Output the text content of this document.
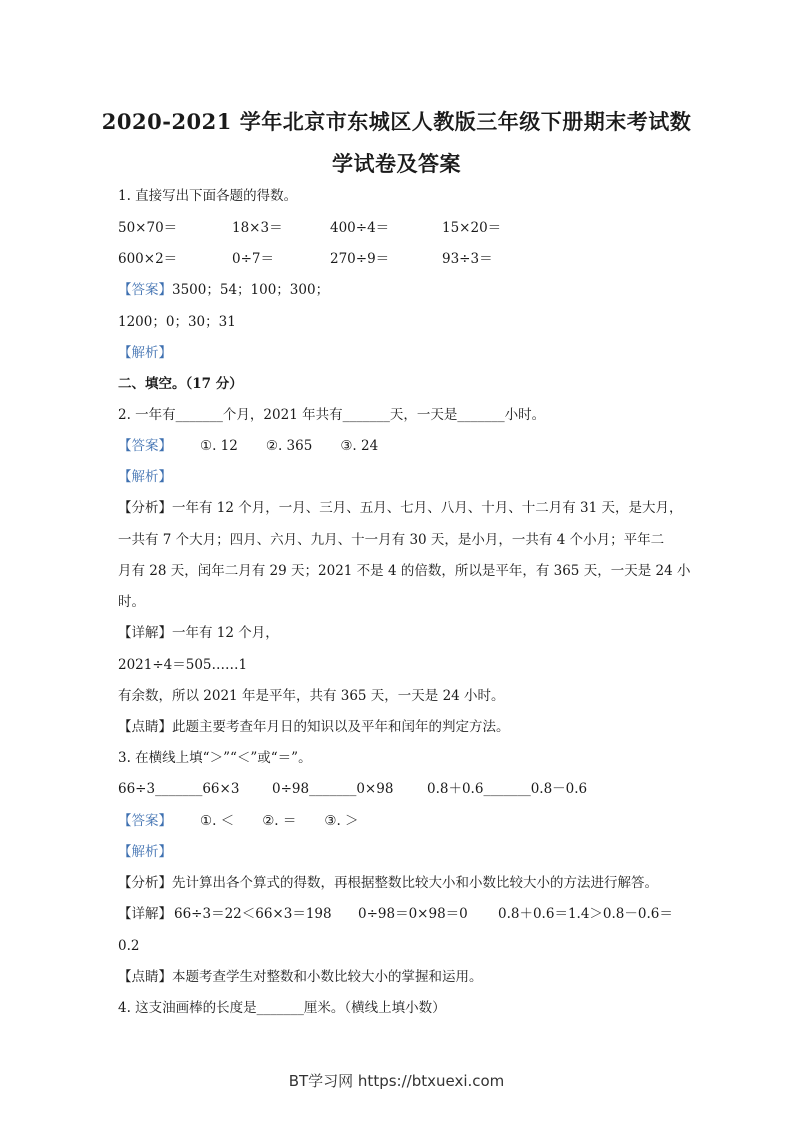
2020-2021 学年北京市东城区人教版三年级下册期末考试数
学试卷及答案
1. 直接写出下面各题的得数。
50×70＝	18×3＝	400÷4＝	15×20＝
600×2＝	0÷7＝	270÷9＝	93÷3＝
【答案】3500；54；100；300；
1200；0；30；31
【解析】
二、填空。（17 分）
2. 一年有_______个月，2021 年共有_______天，一天是_______小时。
【答案】 ①. 12 ②. 365 ③. 24
【解析】
【分析】一年有 12 个月，一月、三月、五月、七月、八月、十月、十二月有 31 天，是大月，
一共有 7 个大月；四月、六月、九月、十一月有 30 天，是小月，一共有 4 个小月；平年二
月有 28 天，闰年二月有 29 天；2021 不是 4 的倍数，所以是平年，有 365 天，一天是 24 小
时。
【详解】一年有 12 个月，
2021÷4＝505……1
有余数，所以 2021 年是平年，共有 365 天，一天是 24 小时。
【点睛】此题主要考查年月日的知识以及平年和闰年的判定方法。
3. 在横线上填“＞”“＜”或“＝”。
66÷3_______66×3 0÷98_______0×98 0.8＋0.6_______0.8－0.6
【答案】 ①. ＜ ②. ＝ ③. ＞
【解析】
【分析】先计算出各个算式的得数，再根据整数比较大小和小数比较大小的方法进行解答。
【详解】 66÷3＝22＜66×3＝198 0÷98＝0×98＝0 0.8＋0.6＝1.4＞0.8－0.6＝
0.2
【点睛】本题考查学生对整数和小数比较大小的掌握和运用。
4. 这支油画棒的长度是_______厘米。（横线上填小数）
BT学习网 https://btxuexi.com
